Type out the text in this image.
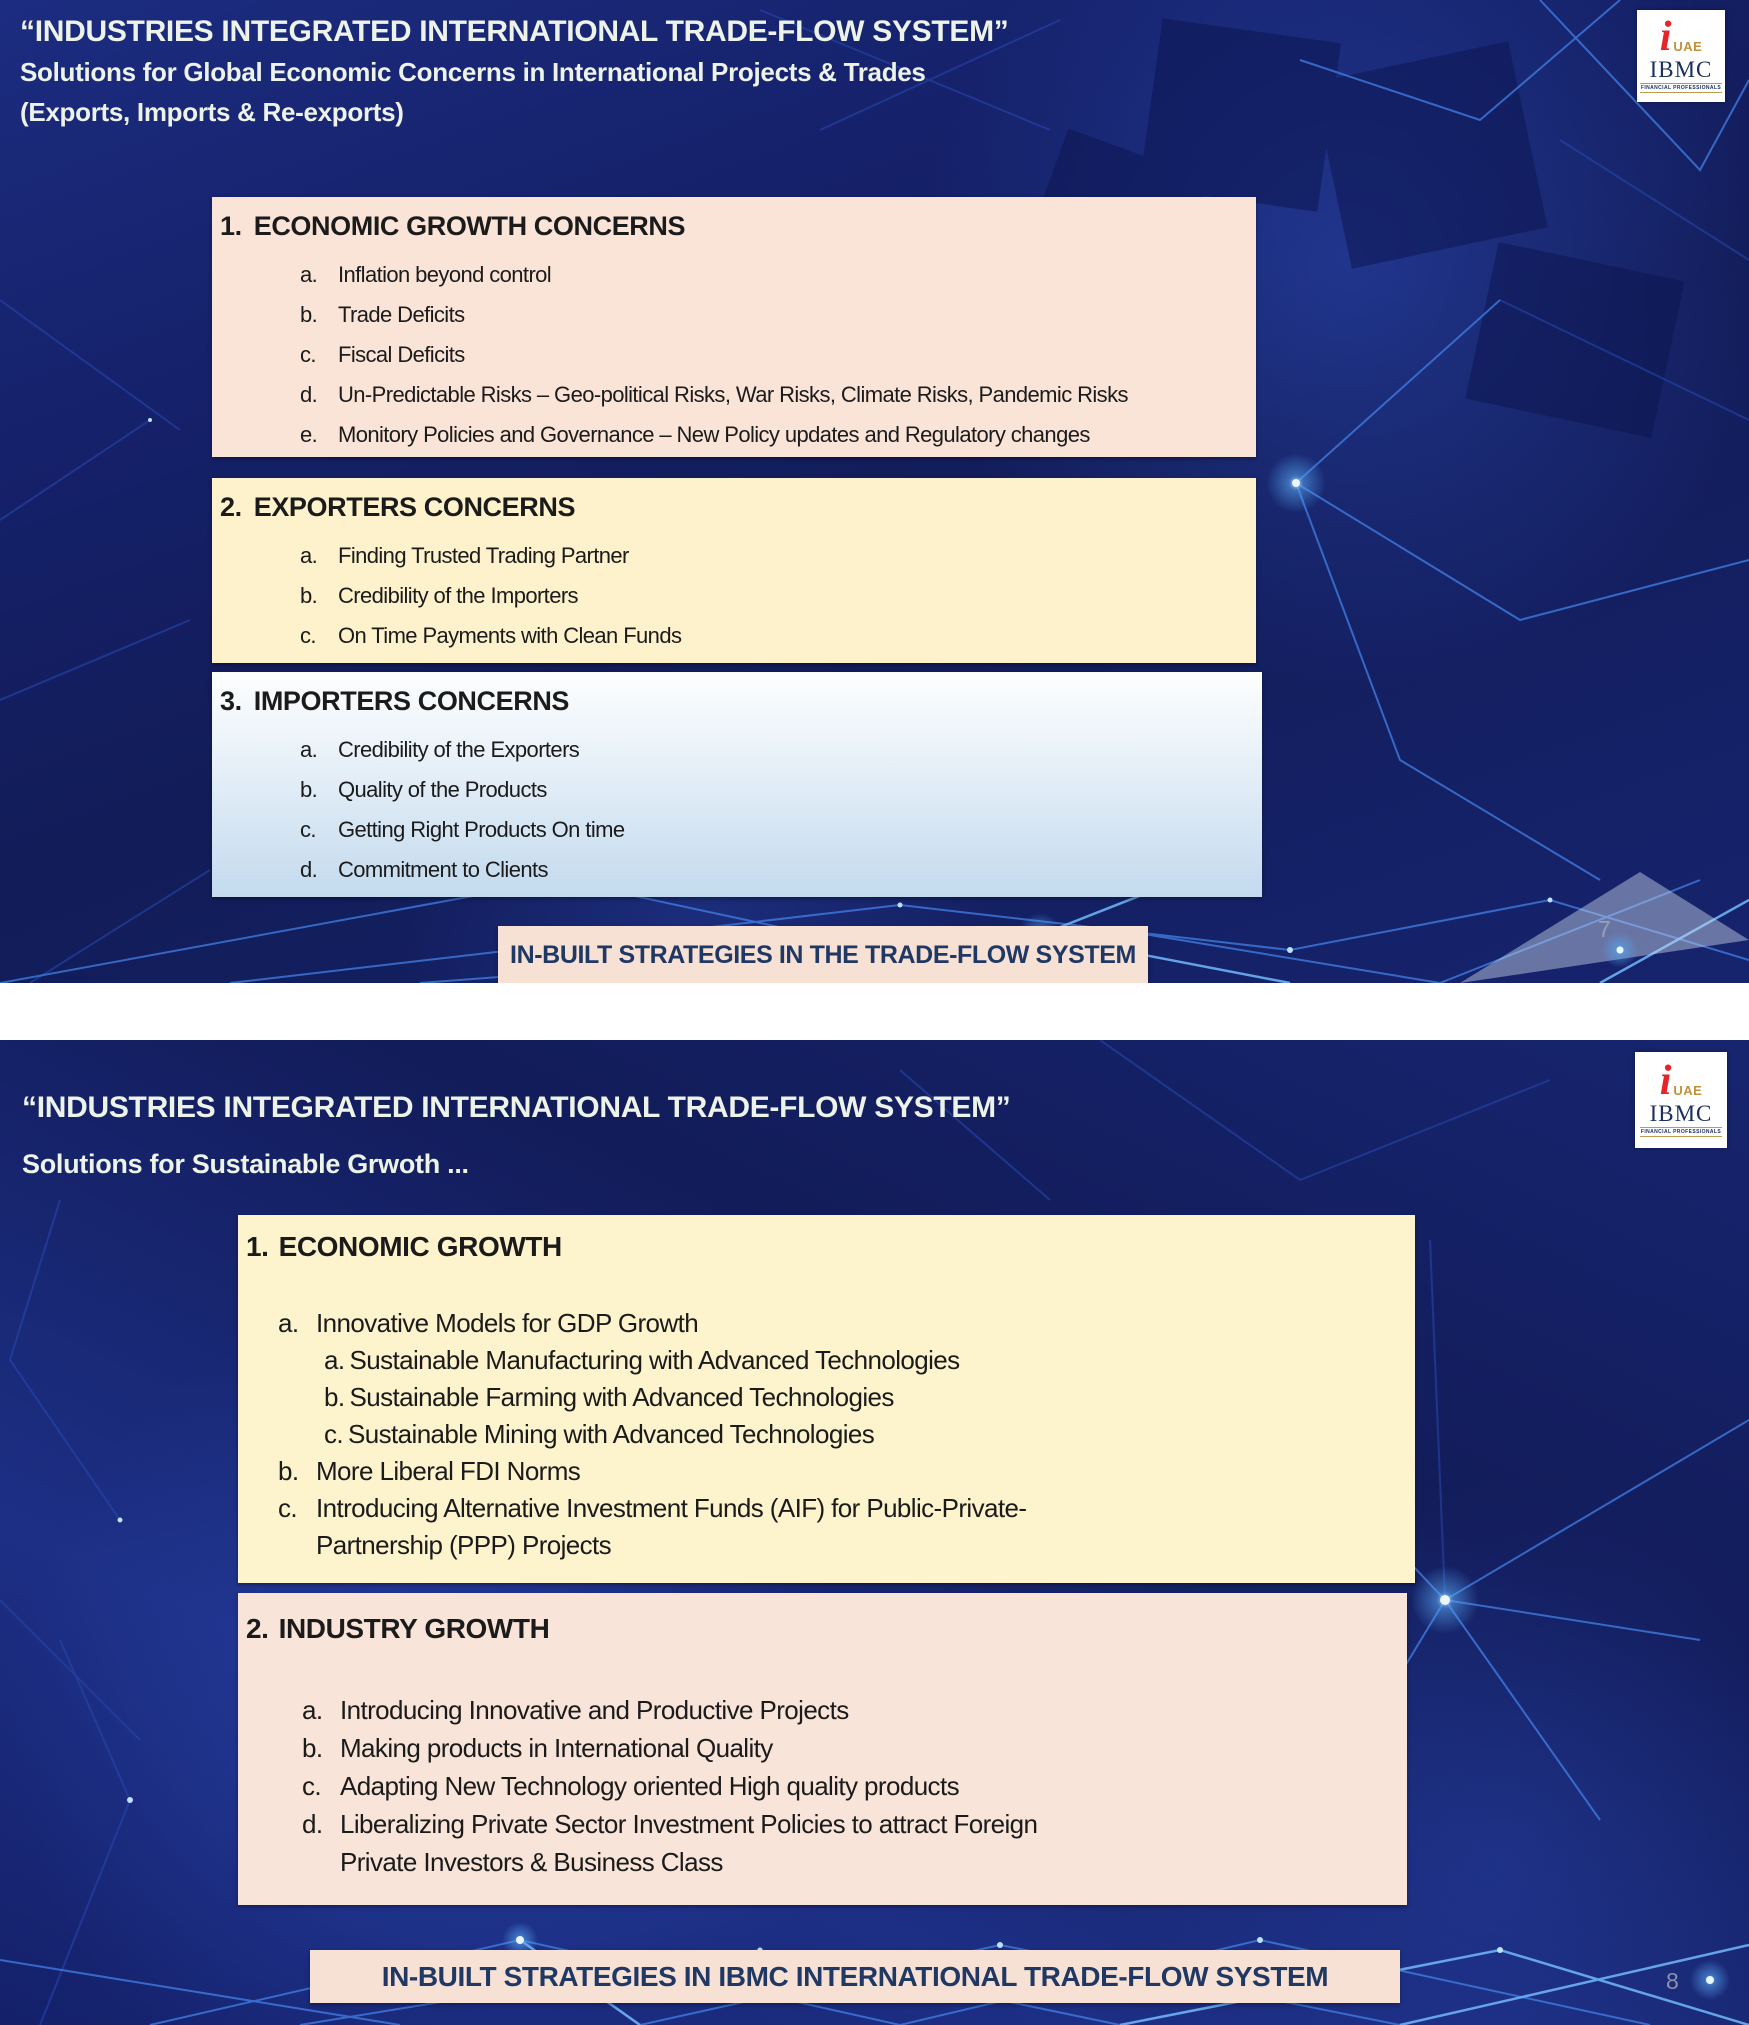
“INDUSTRIES INTEGRATED INTERNATIONAL TRADE-FLOW SYSTEM”
Solutions for Global Economic Concerns in International Projects & Trades
(Exports, Imports & Re-exports)
i UAE
IBMC
FINANCIAL PROFESSIONALS
1. ECONOMIC GROWTH CONCERNS
a. Inflation beyond control
b. Trade Deficits
c.	Fiscal Deficits
d. Un-Predictable Risks – Geo-political Risks, War Risks, Climate Risks, Pandemic Risks
e. Monitory Policies and Governance – New Policy updates and Regulatory changes
2. EXPORTERS CONCERNS
a. Finding Trusted Trading Partner
b. Credibility of the Importers
c.	On Time Payments with Clean Funds
3. IMPORTERS CONCERNS
a. Credibility of the Exporters
b. Quality of the Products
c.	Getting Right Products On time
d. Commitment to Clients
IN-BUILT STRATEGIES IN THE TRADE-FLOW SYSTEM
7
“INDUSTRIES INTEGRATED INTERNATIONAL TRADE-FLOW SYSTEM”
Solutions for Sustainable Grwoth ...
i UAE
IBMC
FINANCIAL PROFESSIONALS
1. ECONOMIC GROWTH
a. Innovative Models for GDP Growth
a. Sustainable Manufacturing with Advanced Technologies
b. Sustainable Farming with Advanced Technologies
c. Sustainable Mining with Advanced Technologies
b. More Liberal FDI Norms
c. Introducing Alternative Investment Funds (AIF) for Public-Private-
Partnership (PPP) Projects
2. INDUSTRY GROWTH
a. Introducing Innovative and Productive Projects
b. Making products in International Quality
c. Adapting New Technology oriented High quality products
d. Liberalizing Private Sector Investment Policies to attract Foreign
Private Investors & Business Class
IN-BUILT STRATEGIES IN IBMC INTERNATIONAL TRADE-FLOW SYSTEM	8
